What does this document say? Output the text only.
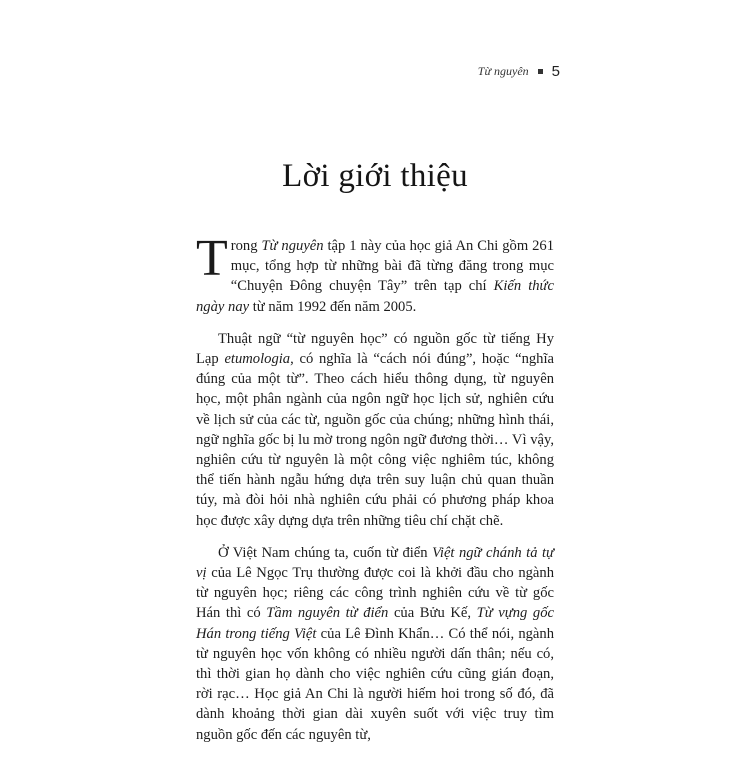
Từ nguyên 5
Lời giới thiệu

Trong Từ nguyên tập 1 này của học giả An Chi gồm 261 mục, tổng hợp từ những bài đã từng đăng trong mục “Chuyện Đông chuyện Tây” trên tạp chí Kiến thức ngày nay từ năm 1992 đến năm 2005.

Thuật ngữ “từ nguyên học” có nguồn gốc từ tiếng Hy Lạp etumologia, có nghĩa là “cách nói đúng”, hoặc “nghĩa đúng của một từ”. Theo cách hiểu thông dụng, từ nguyên học, một phân ngành của ngôn ngữ học lịch sử, nghiên cứu về lịch sử của các từ, nguồn gốc của chúng; những hình thái, ngữ nghĩa gốc bị lu mờ trong ngôn ngữ đương thời… Vì vậy, nghiên cứu từ nguyên là một công việc nghiêm túc, không thể tiến hành ngẫu hứng dựa trên suy luận chủ quan thuần túy, mà đòi hỏi nhà nghiên cứu phải có phương pháp khoa học được xây dựng dựa trên những tiêu chí chặt chẽ.

Ở Việt Nam chúng ta, cuốn từ điển Việt ngữ chánh tả tự vị của Lê Ngọc Trụ thường được coi là khởi đầu cho ngành từ nguyên học; riêng các công trình nghiên cứu về từ gốc Hán thì có Tầm nguyên từ điển của Bửu Kế, Từ vựng gốc Hán trong tiếng Việt của Lê Đình Khẩn… Có thể nói, ngành từ nguyên học vốn không có nhiều người dấn thân; nếu có, thì thời gian họ dành cho việc nghiên cứu cũng gián đoạn, rời rạc… Học giả An Chi là người hiếm hoi trong số đó, đã dành khoảng thời gian dài xuyên suốt với việc truy tìm nguồn gốc đến các nguyên từ,
